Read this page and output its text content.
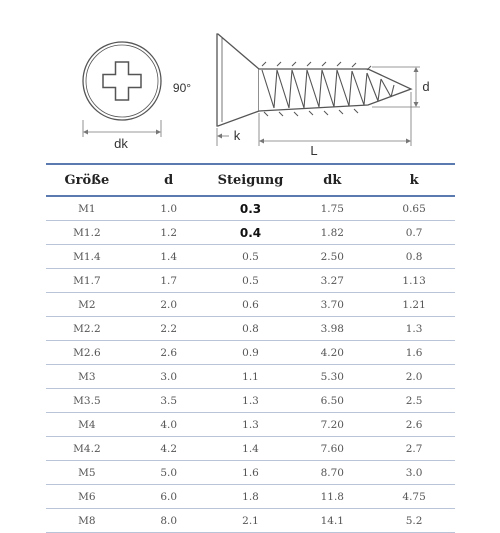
dk
90°
k
L
d
Größe	d	Steigung	dk	k
M1	1.0	0.3	1.75	0.65
M1.2	1.2	0.4	1.82	0.7
M1.4	1.4	0.5	2.50	0.8
M1.7	1.7	0.5	3.27	1.13
M2	2.0	0.6	3.70	1.21
M2.2	2.2	0.8	3.98	1.3
M2.6	2.6	0.9	4.20	1.6
M3	3.0	1.1	5.30	2.0
M3.5	3.5	1.3	6.50	2.5
M4	4.0	1.3	7.20	2.6
M4.2	4.2	1.4	7.60	2.7
M5	5.0	1.6	8.70	3.0
M6	6.0	1.8	11.8	4.75
M8	8.0	2.1	14.1	5.2
